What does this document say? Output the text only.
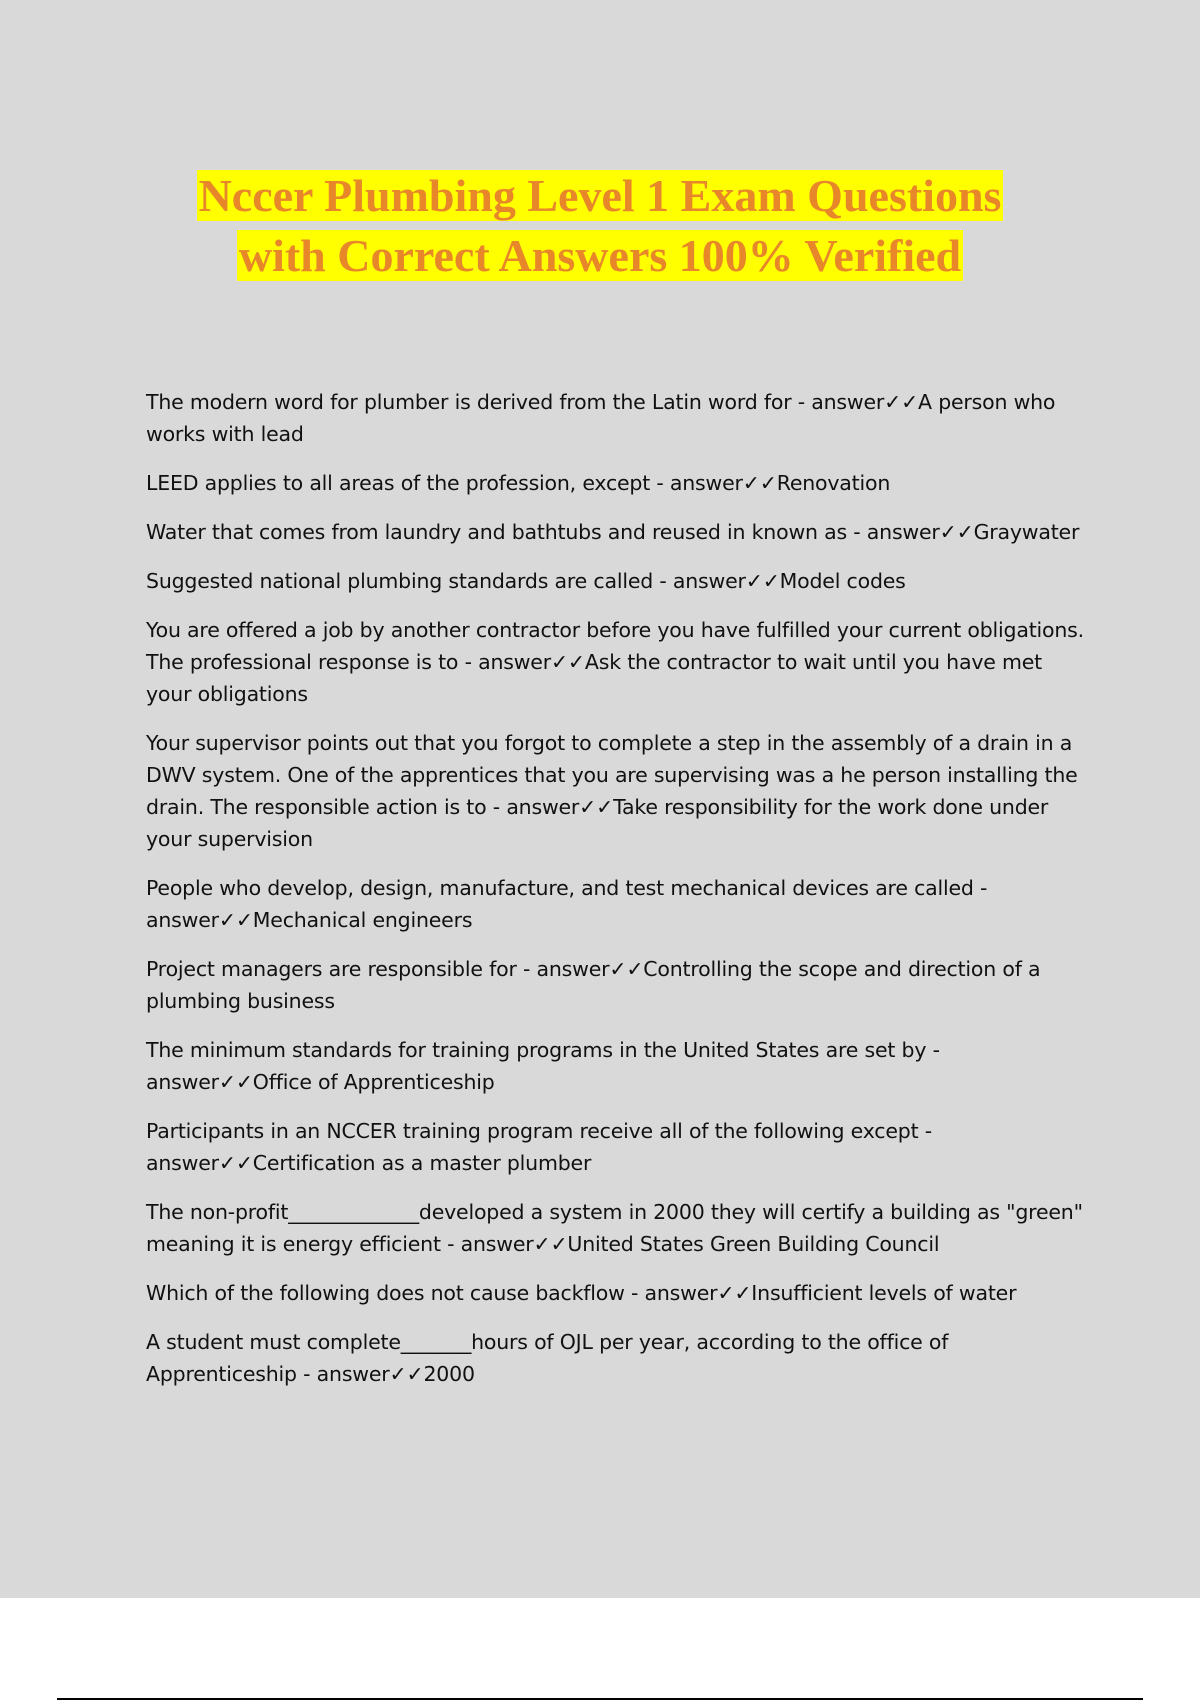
Nccer Plumbing Level 1 Exam Questions
with Correct Answers 100% Verified

The modern word for plumber is derived from the Latin word for - answer✓✓A person who works with lead

LEED applies to all areas of the profession, except - answer✓✓Renovation

Water that comes from laundry and bathtubs and reused in known as - answer✓✓Graywater

Suggested national plumbing standards are called - answer✓✓Model codes

You are offered a job by another contractor before you have fulfilled your current obligations. The professional response is to - answer✓✓Ask the contractor to wait until you have met your obligations

Your supervisor points out that you forgot to complete a step in the assembly of a drain in a DWV system. One of the apprentices that you are supervising was a he person installing the drain. The responsible action is to - answer✓✓Take responsibility for the work done under your supervision

People who develop, design, manufacture, and test mechanical devices are called - answer✓✓Mechanical engineers

Project managers are responsible for - answer✓✓Controlling the scope and direction of a plumbing business

The minimum standards for training programs in the United States are set by - answer✓✓Office of Apprenticeship

Participants in an NCCER training program receive all of the following except - answer✓✓Certification as a master plumber

The non-profit_____________developed a system in 2000 they will certify a building as "green" meaning it is energy efficient - answer✓✓United States Green Building Council

Which of the following does not cause backflow - answer✓✓Insufficient levels of water

A student must complete_______hours of OJL per year, according to the office of Apprenticeship - answer✓✓2000
